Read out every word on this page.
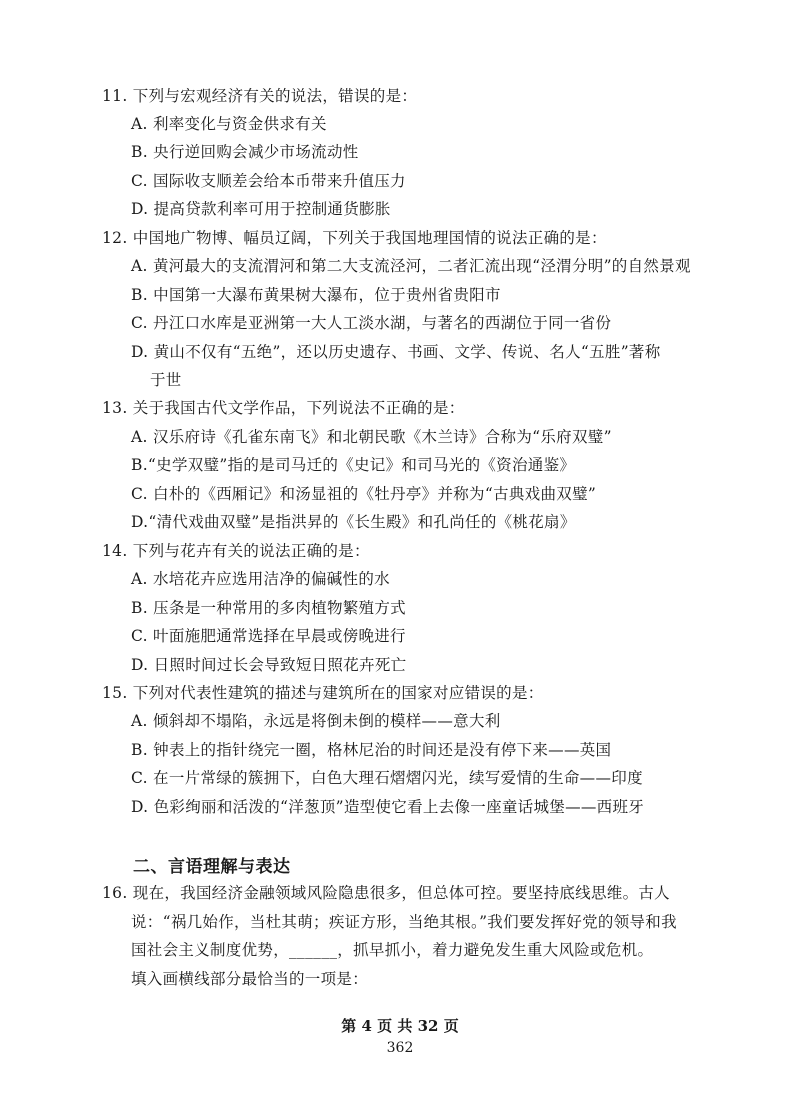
11. 下列与宏观经济有关的说法，错误的是：
A. 利率变化与资金供求有关
B. 央行逆回购会减少市场流动性
C. 国际收支顺差会给本币带来升值压力
D. 提高贷款利率可用于控制通货膨胀
12. 中国地广物博、幅员辽阔，下列关于我国地理国情的说法正确的是：
A. 黄河最大的支流渭河和第二大支流泾河，二者汇流出现“泾渭分明”的自然景观
B. 中国第一大瀑布黄果树大瀑布，位于贵州省贵阳市
C. 丹江口水库是亚洲第一大人工淡水湖，与著名的西湖位于同一省份
D. 黄山不仅有“五绝”，还以历史遗存、书画、文学、传说、名人“五胜”著称
于世
13. 关于我国古代文学作品，下列说法不正确的是：
A. 汉乐府诗《孔雀东南飞》和北朝民歌《木兰诗》合称为“乐府双璧”
B.“史学双璧”指的是司马迁的《史记》和司马光的《资治通鉴》
C. 白朴的《西厢记》和汤显祖的《牡丹亭》并称为“古典戏曲双璧”
D.“清代戏曲双璧”是指洪昇的《长生殿》和孔尚任的《桃花扇》
14. 下列与花卉有关的说法正确的是：
A. 水培花卉应选用洁净的偏碱性的水
B. 压条是一种常用的多肉植物繁殖方式
C. 叶面施肥通常选择在早晨或傍晚进行
D. 日照时间过长会导致短日照花卉死亡
15. 下列对代表性建筑的描述与建筑所在的国家对应错误的是：
A. 倾斜却不塌陷，永远是将倒未倒的模样——意大利
B. 钟表上的指针绕完一圈，格林尼治的时间还是没有停下来——英国
C. 在一片常绿的簇拥下，白色大理石熠熠闪光，续写爱情的生命——印度
D. 色彩绚丽和活泼的“洋葱顶”造型使它看上去像一座童话城堡——西班牙
二、言语理解与表达
16. 现在，我国经济金融领域风险隐患很多，但总体可控。要坚持底线思维。古人
说：“祸几始作，当杜其萌；疾证方形，当绝其根。”我们要发挥好党的领导和我
国社会主义制度优势，______，抓早抓小，着力避免发生重大风险或危机。
填入画横线部分最恰当的一项是：
第 4 页 共 32 页
362
